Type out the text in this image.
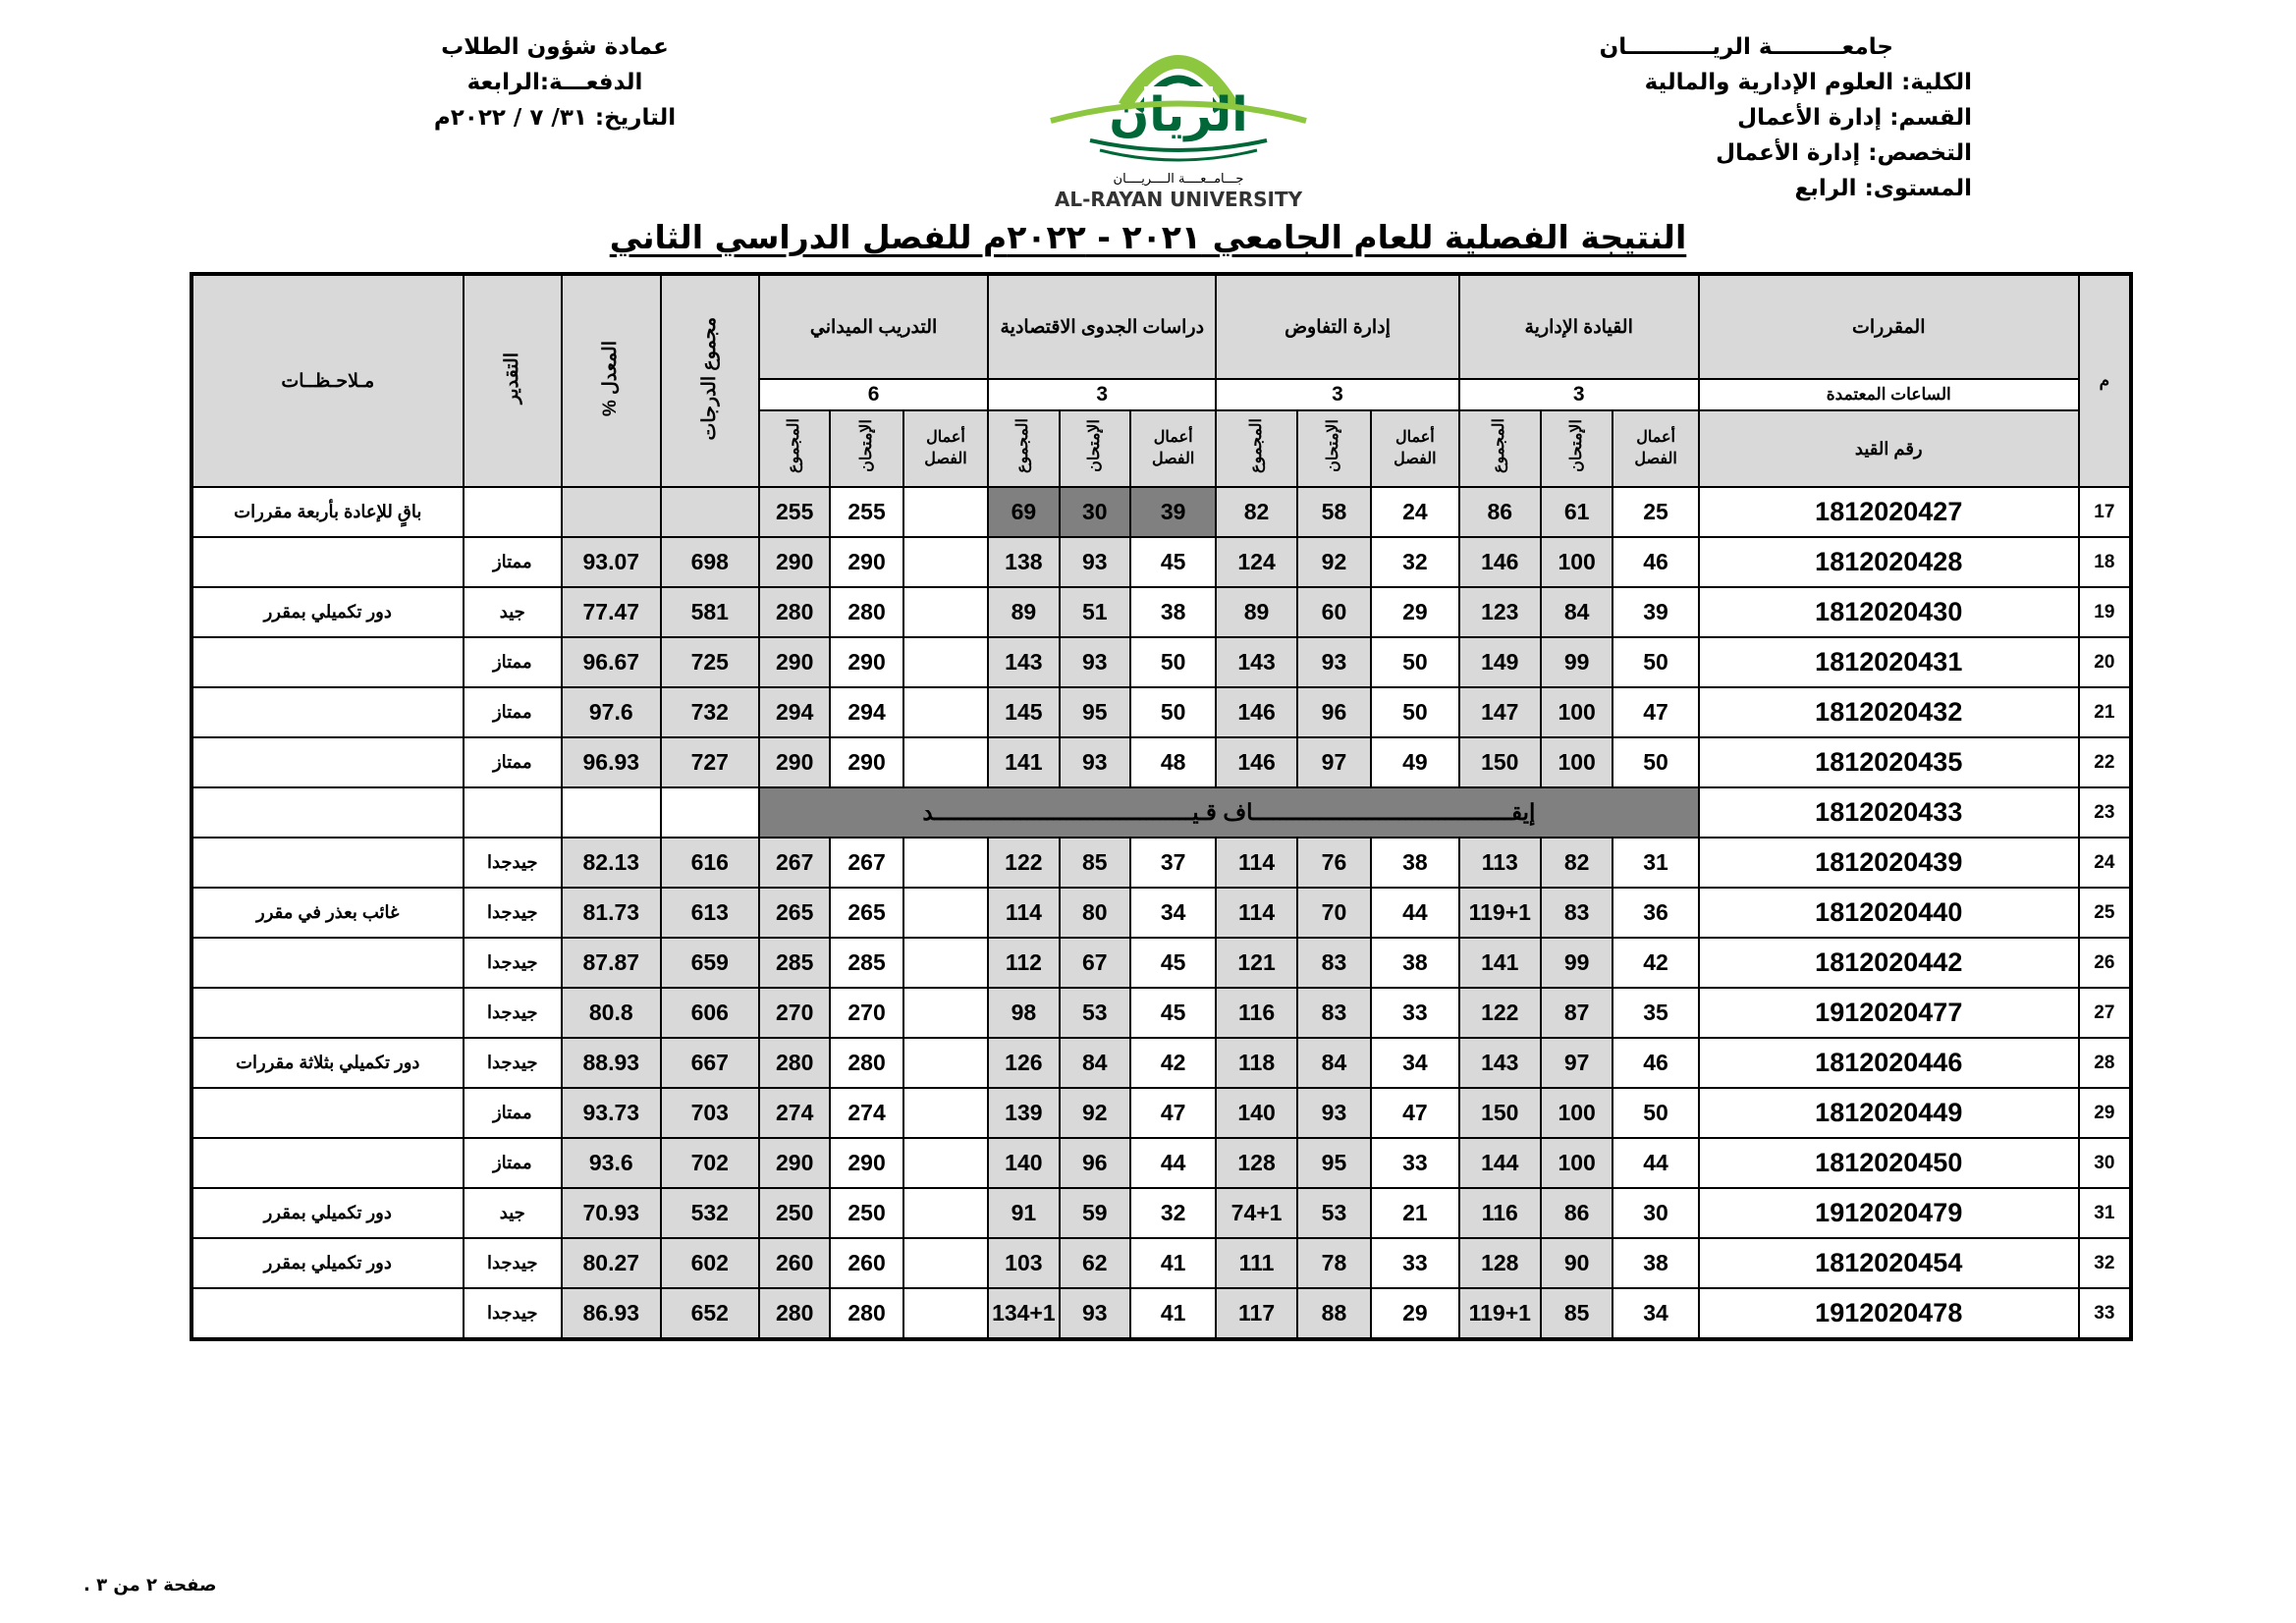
جامعـــــــــة الريـــــــــــان
الكلية: العلوم الإدارية والمالية
القسم: إدارة الأعمال
التخصص: إدارة الأعمال
المستوى: الرابع
عمادة شؤون الطلاب
الدفعـــة:الرابعة
التاريخ: ٣١/ ٧ / ٢٠٢٢م	الريان
جـــامــعــــة الــــريــــان
AL-RAYAN UNIVERSITY
النتيجة الفصلية للعام الجامعي ٢٠٢١ - ٢٠٢٢م للفصل الدراسي الثاني
م	المقررات	القيادة الإدارية			إدارة التفاوض			دراسات الجدوى الاقتصادية			التدريب الميداني			مجموع الدرجات	المعدل %	التقدير	مـلاحـظــات
	الساعات المعتمدة	3			3			3			6						
	رقم القيد	أعمال الفصل	الإمتحان	المجموع	أعمال الفصل	الإمتحان	المجموع	أعمال الفصل	الإمتحان	المجموع	أعمال الفصل	الإمتحان	المجموع				
17	1812020427	25	61	86	24	58	82	39	30	69		255	255				باقٍ للإعادة بأربعة مقررات
18	1812020428	46	100	146	32	92	124	45	93	138		290	290	698	93.07	ممتاز	
19	1812020430	39	84	123	29	60	89	38	51	89		280	280	581	77.47	جيد	دور تكميلي بمقرر
20	1812020431	50	99	149	50	93	143	50	93	143		290	290	725	96.67	ممتاز	
21	1812020432	47	100	147	50	96	146	50	95	145		294	294	732	97.6	ممتاز	
22	1812020435	50	100	150	49	97	146	48	93	141		290	290	727	96.93	ممتاز	
23	1812020433	إيقـــــــــــــــــــــــــــــــــــــــاف قـيـــــــــــــــــــــــــــــــــــــــد															
24	1812020439	31	82	113	38	76	114	37	85	122		267	267	616	82.13	جيدجدا	
25	1812020440	36	83	119+1	44	70	114	34	80	114		265	265	613	81.73	جيدجدا	غائب بعذر في مقرر
26	1812020442	42	99	141	38	83	121	45	67	112		285	285	659	87.87	جيدجدا	
27	1912020477	35	87	122	33	83	116	45	53	98		270	270	606	80.8	جيدجدا	
28	1812020446	46	97	143	34	84	118	42	84	126		280	280	667	88.93	جيدجدا	دور تكميلي بثلاثة مقررات
29	1812020449	50	100	150	47	93	140	47	92	139		274	274	703	93.73	ممتاز	
30	1812020450	44	100	144	33	95	128	44	96	140		290	290	702	93.6	ممتاز	
31	1912020479	30	86	116	21	53	74+1	32	59	91		250	250	532	70.93	جيد	دور تكميلي بمقرر
32	1812020454	38	90	128	33	78	111	41	62	103		260	260	602	80.27	جيدجدا	دور تكميلي بمقرر
33	1912020478	34	85	119+1	29	88	117	41	93	134+1		280	280	652	86.93	جيدجدا	
صفحة ٢ من ٣ .
